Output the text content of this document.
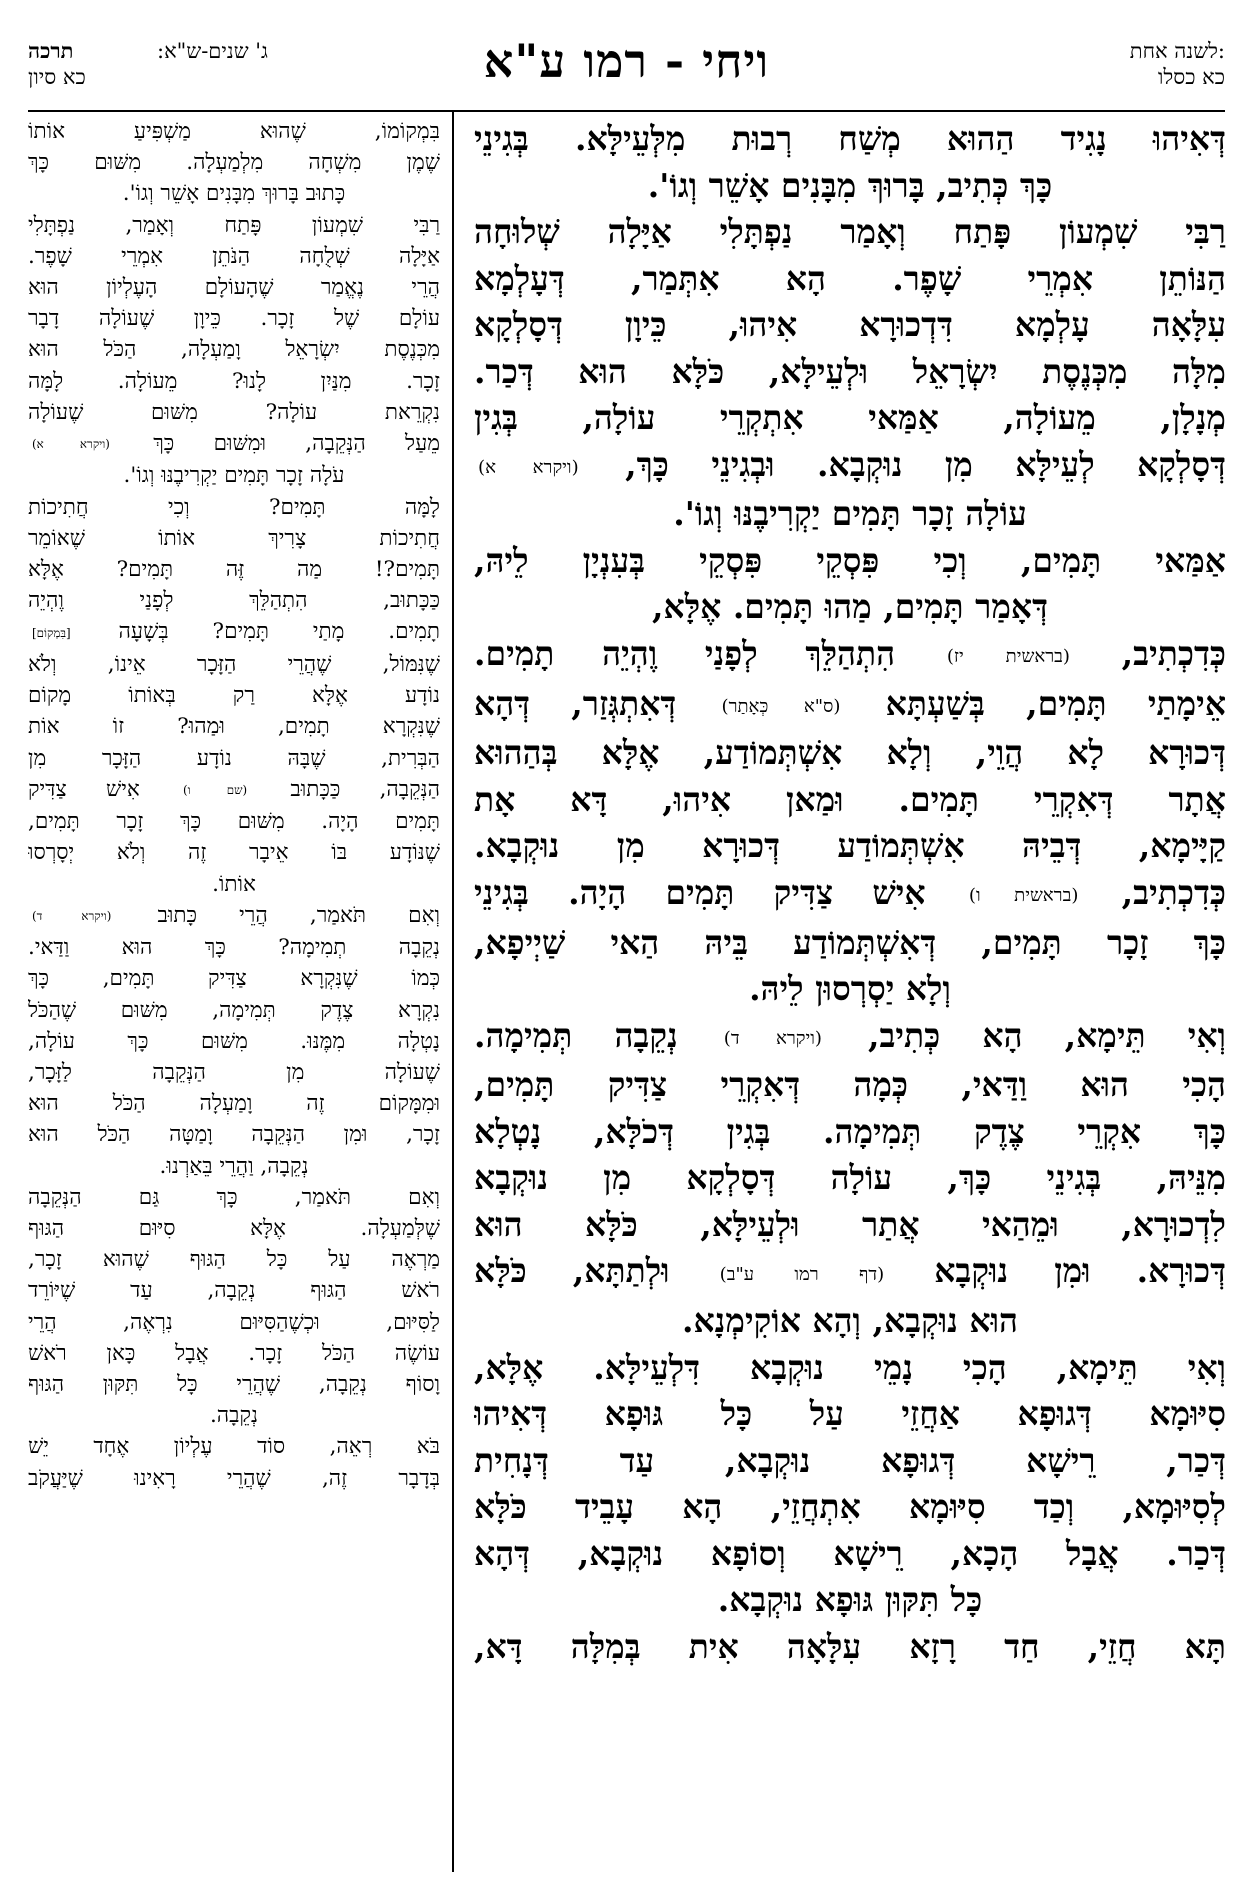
לשנה אחת:
כא כסלו
ויחי - רמו ע"א
ג' שנים-ש"א:
תרכה
כא סיון
דְּאִיהוּ נָגִיד הַהוּא מְשַׁח רְבוּת מִלְּעֵילָּא. בְּגִינֵי
כָּךְ כְּתִיב, בָּרוּךְ מִבָּנִים אָשֵׁר וְגוֹ'.
רַבִּי שִׁמְעוֹן פָּתַח וְאָמַר נַפְתָּלִי אַיָּלָה שְׁלוּחָה
הַנּוֹתֵן אִמְרֵי שָׁפֶר. הָא אִתְּמַר, דְּעָלְמָא
עִלָּאָה עָלְמָא דִּדְכוּרָא אִיהוּ, כֵּיוָן דְּסָלְקָא
מִלָּה מִכְּנֶסֶת יִשְׂרָאֵל וּלְעֵילָּא, כֹּלָּא הוּא דְּכַר.
מְנָלָן, מֵעוֹלָה, אַמַּאי אִתְקְרֵי עוֹלָה, בְּגִין
דְּסָלְקָא לְעֵילָּא מִן נוּקְבָא. וּבְגִינֵי כָּךְ, (ויקרא א)
עוֹלָה זָכָר תָּמִים יַקְרִיבֶנּוּ וְגוֹ'.
אַמַּאי תָּמִים, וְכִי פִּסְקֵי פִּסְקֵי בְּעִנְיָן לֵיהּ,
דְּאָמַר תָּמִים, מַהוּ תָּמִים. אֶלָּא,
כְּדִכְתִיב, (בראשית יז) הִתְהַלֵּךְ לְפָנַי וֶהְיֵה תָמִים.
אֵימָתַי תָּמִים, בְּשַׁעְתָּא (ס"א כְּאָתַר) דְּאִתְגְּזַר, דְּהָא
דְּכוּרָא לָא הֲוֵי, וְלָא אִשְׁתְּמוֹדַע, אֶלָּא בְּהַהוּא
אֲתָר דְּאִקְרֵי תָּמִים. וּמַאן אִיהוּ, דָּא אָת
קַיָּימָא, דְּבֵיהּ אִשְׁתְּמוֹדַע דְּכוּרָא מִן נוּקְבָא.
כְּדִכְתִיב, (בראשית ו) אִישׁ צַדִּיק תָּמִים הָיָה. בְּגִינֵי
כָּךְ זָכָר תָּמִים, דְּאִשְׁתְּמוֹדַע בֵּיהּ הַאי שַׁיְיפָא,
וְלָא יַסְרְסוּן לֵיהּ.
וְאִי תֵּימָא, הָא כְּתִיב, (ויקרא ד) נְקֵבָה תְּמִימָה.
הָכִי הוּא וַדַּאי, כְּמָה דְּאִקְרֵי צַדִּיק תָּמִים,
כָּךְ אִקְרֵי צֶדֶק תְּמִימָה. בְּגִין דְּכֹלָּא, נָטְלָא
מִנֵּיהּ, בְּגִינֵי כָּךְ, עוֹלָה דְּסָלְקָא מִן נוּקְבָא
לִדְכוּרָא, וּמֵהַאי אֲתַר וּלְעֵילָּא, כֹּלָּא הוּא
דְּכוּרָא. וּמִן נוּקְבָא (דף רמו ע"ב) וּלְתַתָּא, כֹּלָּא
הוּא נוּקְבָא, וְהָא אוֹקִימְנָא.
וְאִי תֵּימָא, הָכִי נָמֵי נוּקְבָא דִּלְעֵילָּא. אֶלָּא,
סִיּוּמָא דְּגוּפָא אַחֲזֵי עַל כָּל גּוּפָא דְּאִיהוּ
דְּכַר, רֵישָׁא דְּגוּפָא נוּקְבָא, עַד דְּנָחִית
לְסִיּוּמָא, וְכַד סִיּוּמָא אִתְחֲזֵי, הָא עָבֵיד כֹּלָּא
דְּכַר. אֲבָל הָכָא, רֵישָׁא וְסוֹפָא נוּקְבָא, דְּהָא
כָּל תִּקּוּן גּוּפָא נוּקְבָא.
תָּא חֲזֵי, חַד רָזָא עִלָּאָה אִית בְּמִלָּה דָּא,
בִּמְקוֹמוֹ, שֶׁהוּא מַשְׁפִּיעַ אוֹתוֹ
שֶׁמֶן מִשְׁחָה מִלְמַעְלָה. מִשּׁוּם כָּךְ
כָּתוּב בָּרוּךְ מִבָּנִים אָשֵׁר וְגוֹ'.
רַבִּי שִׁמְעוֹן פָּתַח וְאָמַר, נַפְתָּלִי
אַיָּלָה שְׁלֻחָה הַנֹּתֵן אִמְרֵי שָׁפֶר.
הֲרֵי נֶאֱמַר שֶׁהָעוֹלָם הָעֶלְיוֹן הוּא
עוֹלָם שֶׁל זָכָר. כֵּיוָן שֶׁעוֹלָה דָבָר
מִכְּנֶסֶת יִשְׂרָאֵל וָמַעְלָה, הַכֹּל הוּא
זָכָר. מִנַּיִן לָנוּ? מֵעוֹלָה. לָמָּה
נִקְרֵאת עוֹלָה? מִשּׁוּם שֶׁעוֹלָה
מֵעַל הַנְּקֵבָה, וּמִשּׁוּם כָּךְ (ויקרא א)
עֹלָה זָכָר תָּמִים יַקְרִיבֶנּוּ וְגוֹ'.
לָמָּה תָּמִים? וְכִי חֲתִיכוֹת
חֲתִיכוֹת צָרִיךְ אוֹתוֹ שֶׁאוֹמֵר
תָּמִים?! מַה זֶּה תָּמִים? אֶלָּא
כַּכָּתוּב, הִתְהַלֵּךְ לְפָנַי וֶהְיֵה
תָמִים. מָתַי תָּמִים? בְּשָׁעָה [בִּמְקוֹם]
שֶׁנִּמּוֹל, שֶׁהֲרֵי הַזָּכָר אֵינוֹ, וְלֹא
נוֹדָע אֶלָּא רַק בְּאוֹתוֹ מָקוֹם
שֶׁנִּקְרָא תָמִים, וּמַהוּ? זוֹ אוֹת
הַבְּרִית, שֶׁבָּהּ נוֹדָע הַזָּכָר מִן
הַנְּקֵבָה, כַּכָּתוּב (שם ו) אִישׁ צַדִּיק
תָּמִים הָיָה. מִשּׁוּם כָּךְ זָכָר תָּמִים,
שֶׁנּוֹדָע בּוֹ אֵיבָר זֶה וְלֹא יְסָרְסוּ
אוֹתוֹ.
וְאִם תֹּאמַר, הֲרֵי כָּתוּב (ויקרא ד)
נְקֵבָה תְמִימָה? כָּךְ הוּא וַדַּאי.
כְּמוֹ שֶׁנִּקְרָא צַדִּיק תָּמִים, כָּךְ
נִקְרָא צֶדֶק תְּמִימָה, מִשּׁוּם שֶׁהַכֹּל
נָטְלָה מִמֶּנּוּ. מִשּׁוּם כָּךְ עוֹלָה,
שֶׁעוֹלָה מִן הַנְּקֵבָה לַזָּכָר,
וּמִמָּקוֹם זֶה וָמַעְלָה הַכֹּל הוּא
זָכָר, וּמִן הַנְּקֵבָה וָמַטָּה הַכֹּל הוּא
נְקֵבָה, וַהֲרֵי בֵּאַרְנוּ.
וְאִם תֹּאמַר, כָּךְ גַּם הַנְּקֵבָה
שֶׁלְּמַעְלָה. אֶלָּא סִיּוּם הַגּוּף
מַרְאֶה עַל כָּל הַגּוּף שֶׁהוּא זָכָר,
רֹאשׁ הַגּוּף נְקֵבָה, עַד שֶׁיּוֹרֵד
לַסִּיּוּם, וּכְשֶׁהַסִּיּוּם נִרְאֶה, הֲרֵי
עוֹשֶׂה הַכֹּל זָכָר. אֲבָל כָּאן רֹאשׁ
וָסוֹף נְקֵבָה, שֶׁהֲרֵי כָּל תִּקּוּן הַגּוּף
נְקֵבָה.
בֹּא רְאֵה, סוֹד עֶלְיוֹן אֶחָד יֵשׁ
בְּדָבָר זֶה, שֶׁהֲרֵי רָאִינוּ שֶׁיַּעֲקֹב
